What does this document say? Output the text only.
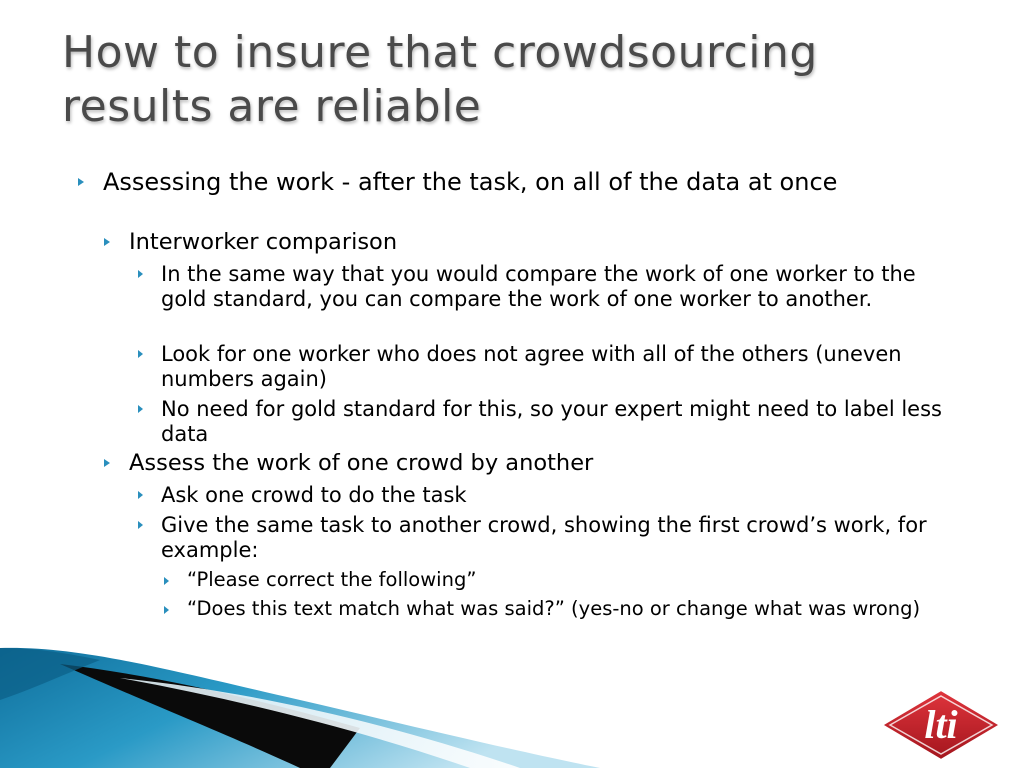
How to insure that crowdsourcing results are reliable
Assessing the work - after the task, on all of the data at once
Interworker comparison
In the same way that you would compare the work of one worker to the gold standard, you can compare the work of one worker to another.
Look for one worker who does not agree with all of the others (uneven numbers again)
No need for gold standard for this, so your expert might need to label less data
Assess the work of one crowd by another
Ask one crowd to do the task
Give the same task to another crowd, showing the first crowd’s work, for example:
“Please correct the following”
“Does this text match what was said?” (yes-no or change what was wrong)
lti
